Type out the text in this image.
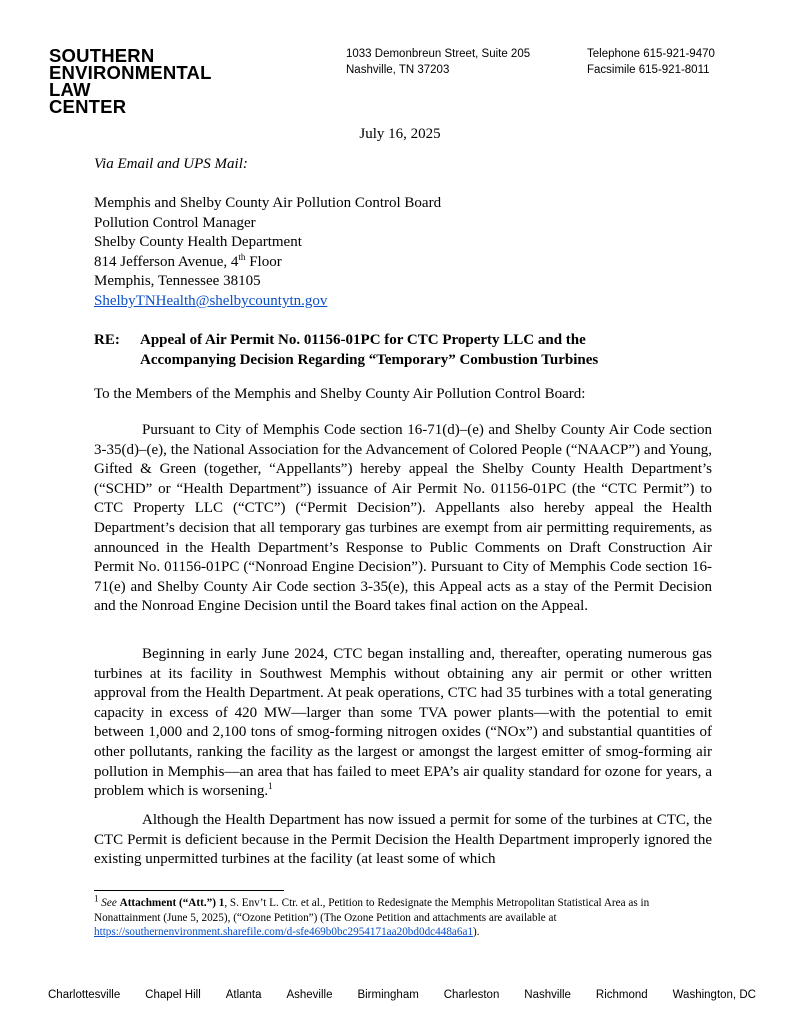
SOUTHERN
ENVIRONMENTAL
LAW
CENTER
1033 Demonbreun Street, Suite 205
Nashville, TN 37203
Telephone 615-921-9470
Facsimile 615-921-8011
July 16, 2025
Via Email and UPS Mail:
Memphis and Shelby County Air Pollution Control Board
Pollution Control Manager
Shelby County Health Department
814 Jefferson Avenue, 4th Floor
Memphis, Tennessee 38105
ShelbyTNHealth@shelbycountytn.gov
RE:	Appeal of Air Permit No. 01156-01PC for CTC Property LLC and the
Accompanying Decision Regarding “Temporary” Combustion Turbines
To the Members of the Memphis and Shelby County Air Pollution Control Board:
Pursuant to City of Memphis Code section 16-71(d)–(e) and Shelby County Air Code section 3-35(d)–(e), the National Association for the Advancement of Colored People (“NAACP”) and Young, Gifted & Green (together, “Appellants”) hereby appeal the Shelby County Health Department’s (“SCHD” or “Health Department”) issuance of Air Permit No. 01156-01PC (the “CTC Permit”) to CTC Property LLC (“CTC”) (“Permit Decision”). Appellants also hereby appeal the Health Department’s decision that all temporary gas turbines are exempt from air permitting requirements, as announced in the Health Department’s Response to Public Comments on Draft Construction Air Permit No. 01156-01PC (“Nonroad Engine Decision”). Pursuant to City of Memphis Code section 16-71(e) and Shelby County Air Code section 3-35(e), this Appeal acts as a stay of the Permit Decision and the Nonroad Engine Decision until the Board takes final action on the Appeal.
Beginning in early June 2024, CTC began installing and, thereafter, operating numerous gas turbines at its facility in Southwest Memphis without obtaining any air permit or other written approval from the Health Department. At peak operations, CTC had 35 turbines with a total generating capacity in excess of 420 MW—larger than some TVA power plants—with the potential to emit between 1,000 and 2,100 tons of smog-forming nitrogen oxides (“NOx”) and substantial quantities of other pollutants, ranking the facility as the largest or amongst the largest emitter of smog-forming air pollution in Memphis—an area that has failed to meet EPA’s air quality standard for ozone for years, a problem which is worsening.$^1$
Although the Health Department has now issued a permit for some of the turbines at CTC, the CTC Permit is deficient because in the Permit Decision the Health Department improperly ignored the existing unpermitted turbines at the facility (at least some of which
$^1$ See Attachment (“Att.”) 1, S. Env’t L. Ctr. et al., Petition to Redesignate the Memphis Metropolitan Statistical Area as in Nonattainment (June 5, 2025), (“Ozone Petition”) (The Ozone Petition and attachments are available at https://southernenvironment.sharefile.com/d-sfe469b0bc2954171aa20bd0dc448a6a1).
Charlottesville Chapel Hill Atlanta Asheville Birmingham Charleston Nashville Richmond Washington, DC
